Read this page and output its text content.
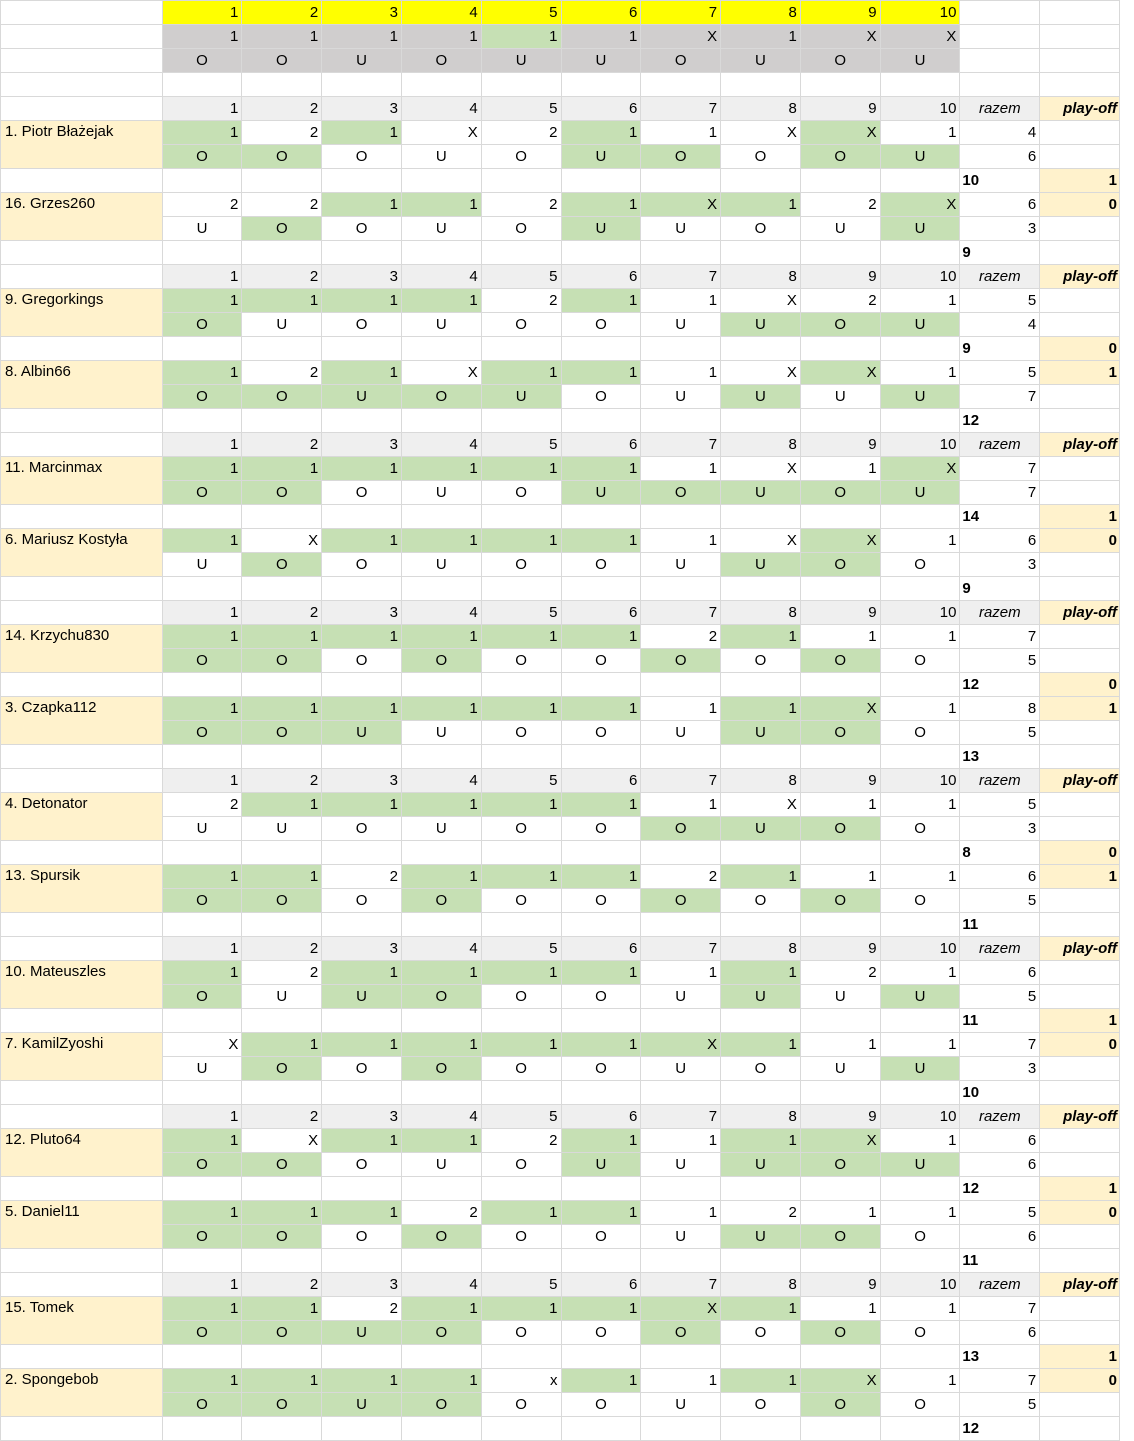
	1	2	3	4	5	6	7	8	9	10		
	1	1	1	1	1	1	X	1	X	X		
	O	O	U	O	U	U	O	U	O	U		

	1	2	3	4	5	6	7	8	9	10	razem	play-off
1. Piotr Błażejak	1	2	1	X	2	1	1	X	X	1	4	
	O	O	O	U	O	U	O	O	O	U	6	
											10	1
16. Grzes260	2	2	1	1	2	1	X	1	2	X	6	0
	U	O	O	U	O	U	U	O	U	U	3	
											9	
	1	2	3	4	5	6	7	8	9	10	razem	play-off
9. Gregorkings	1	1	1	1	2	1	1	X	2	1	5	
	O	U	O	U	O	O	U	U	O	U	4	
											9	0
8. Albin66	1	2	1	X	1	1	1	X	X	1	5	1
	O	O	U	O	U	O	U	U	U	U	7	
											12	
	1	2	3	4	5	6	7	8	9	10	razem	play-off
11. Marcinmax	1	1	1	1	1	1	1	X	1	X	7	
	O	O	O	U	O	U	O	U	O	U	7	
											14	1
6. Mariusz Kostyła	1	X	1	1	1	1	1	X	X	1	6	0
	U	O	O	U	O	O	U	U	O	O	3	
											9	
	1	2	3	4	5	6	7	8	9	10	razem	play-off
14. Krzychu830	1	1	1	1	1	1	2	1	1	1	7	
	O	O	O	O	O	O	O	O	O	O	5	
											12	0
3. Czapka112	1	1	1	1	1	1	1	1	X	1	8	1
	O	O	U	U	O	O	U	U	O	O	5	
											13	
	1	2	3	4	5	6	7	8	9	10	razem	play-off
4. Detonator	2	1	1	1	1	1	1	X	1	1	5	
	U	U	O	U	O	O	O	U	O	O	3	
											8	0
13. Spursik	1	1	2	1	1	1	2	1	1	1	6	1
	O	O	O	O	O	O	O	O	O	O	5	
											11	
	1	2	3	4	5	6	7	8	9	10	razem	play-off
10. Mateuszles	1	2	1	1	1	1	1	1	2	1	6	
	O	U	U	O	O	O	U	U	U	U	5	
											11	1
7. KamilZyoshi	X	1	1	1	1	1	X	1	1	1	7	0
	U	O	O	O	O	O	U	O	U	U	3	
											10	
	1	2	3	4	5	6	7	8	9	10	razem	play-off
12. Pluto64	1	X	1	1	2	1	1	1	X	1	6	
	O	O	O	U	O	U	U	U	O	U	6	
											12	1
5. Daniel11	1	1	1	2	1	1	1	2	1	1	5	0
	O	O	O	O	O	O	U	U	O	O	6	
											11	
	1	2	3	4	5	6	7	8	9	10	razem	play-off
15. Tomek	1	1	2	1	1	1	X	1	1	1	7	
	O	O	U	O	O	O	O	O	O	O	6	
											13	1
2. Spongebob	1	1	1	1	x	1	1	1	X	1	7	0
	O	O	U	O	O	O	U	O	O	O	5	
											12	
